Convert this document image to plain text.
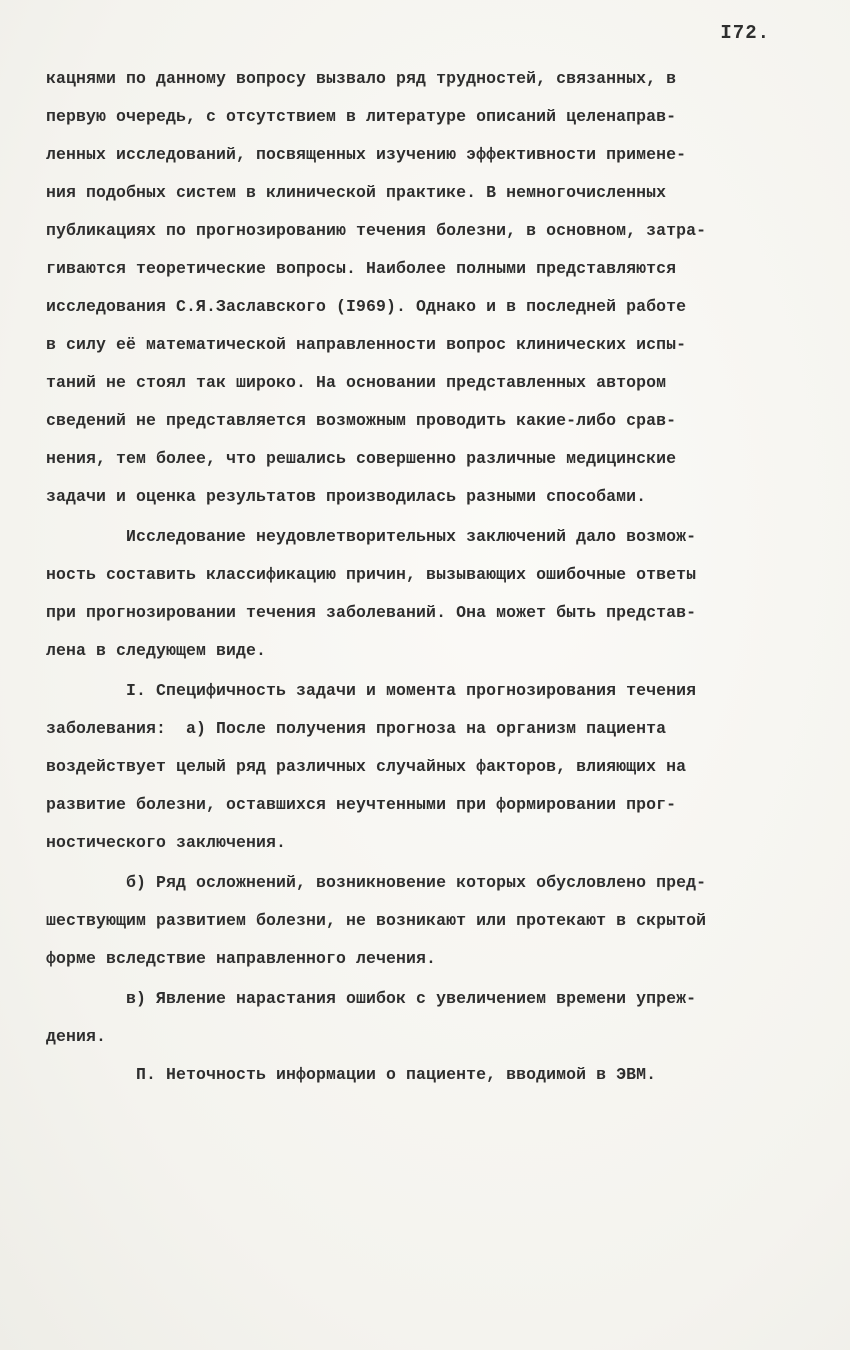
I72.
кацнями по данному вопросу вызвало ряд трудностей, связанных, в
первую очередь, с отсутствием в литературе описаний целенаправ-
ленных исследований, посвященных изучению эффективности примене-
ния подобных систем в клинической практике. В немногочисленных
публикациях по прогнозированию течения болезни, в основном, затра-
гиваются теоретические вопросы. Наиболее полными представляются
исследования С.Я.Заславского (I969). Однако и в последней работе
в силу её математической направленности вопрос клинических испы-
таний не стоял так широко. На основании представленных автором
сведений не представляется возможным проводить какие-либо срав-
нения, тем более, что решались совершенно различные медицинские
задачи и оценка результатов производилась разными способами.
Исследование неудовлетворительных заключений дало возмож-
ность составить классификацию причин, вызывающих ошибочные ответы
при прогнозировании течения заболеваний. Она может быть представ-
лена в следующем виде.
I. Специфичность задачи и момента прогнозирования течения
заболевания:  а) После получения прогноза на организм пациента
воздействует целый ряд различных случайных факторов, влияющих на
развитие болезни, оставшихся неучтенными при формировании прог-
ностического заключения.
б) Ряд осложнений, возникновение которых обусловлено пред-
шествующим развитием болезни, не возникают или протекают в скрытой
форме вследствие направленного лечения.
в) Явление нарастания ошибок с увеличением времени упреж-
дения.
П. Неточность информации о пациенте, вводимой в ЭВМ.
